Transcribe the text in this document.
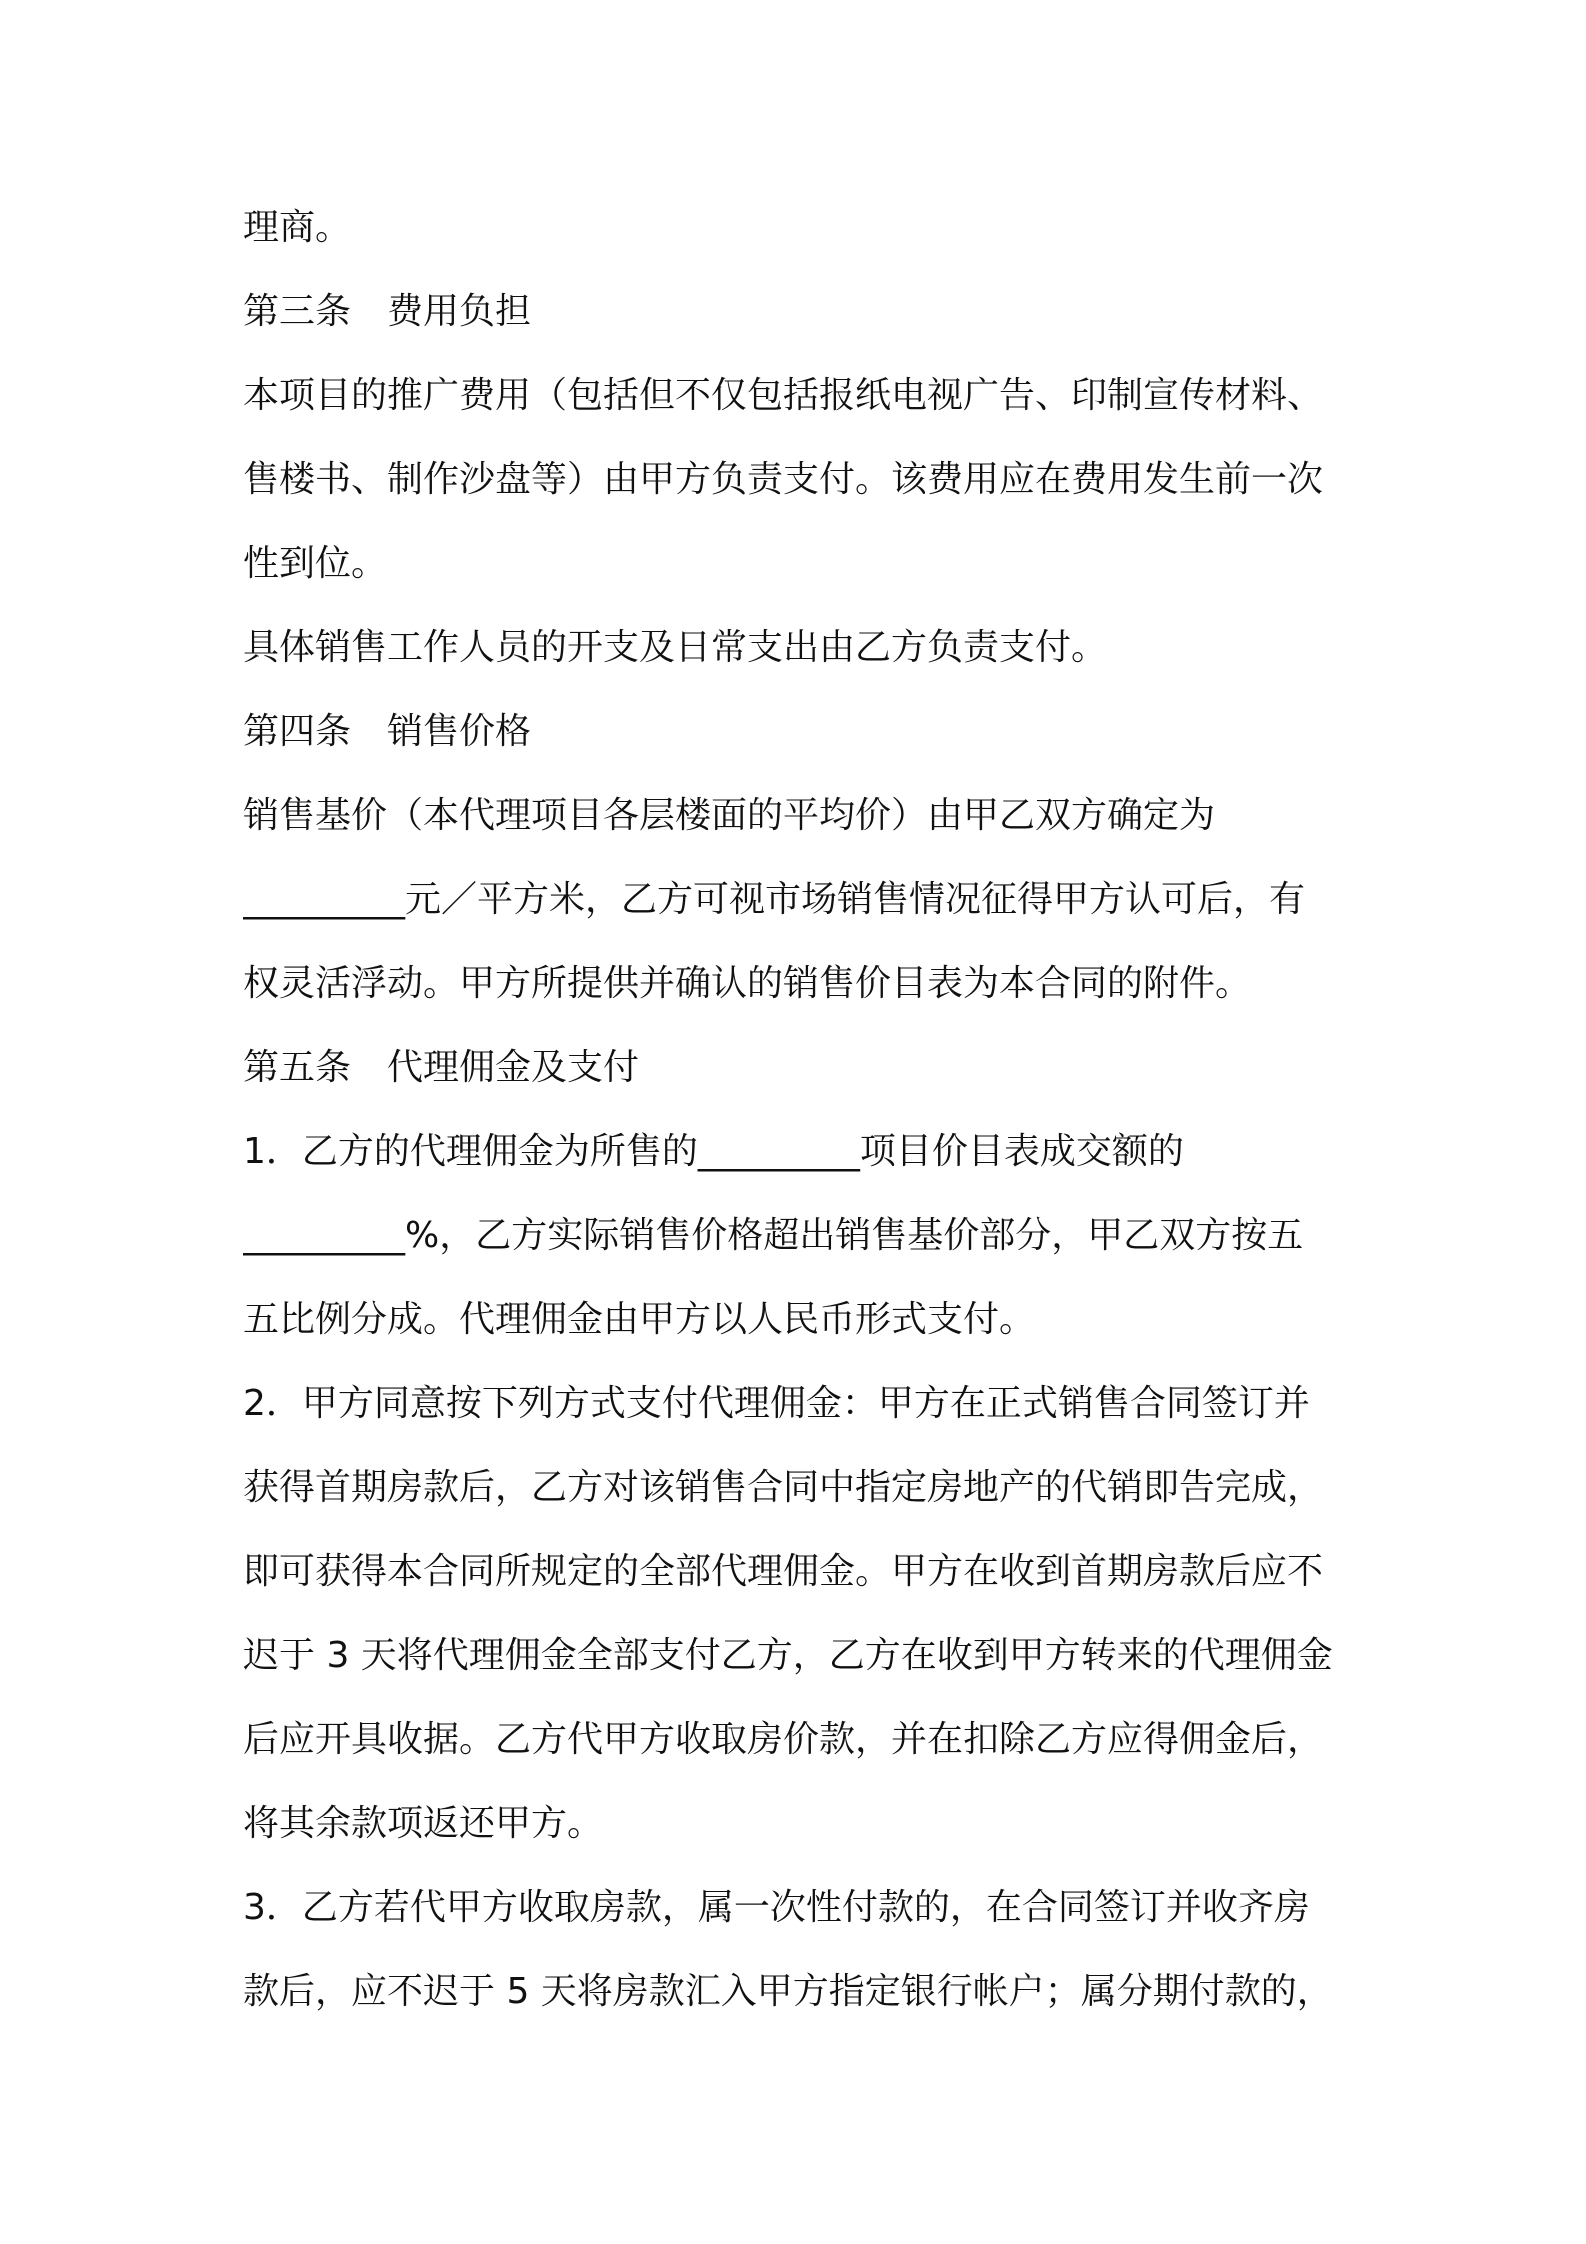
理商。
第三条　费用负担
本项目的推广费用（包括但不仅包括报纸电视广告、印制宣传材料、
售楼书、制作沙盘等）由甲方负责支付。该费用应在费用发生前一次
性到位。
具体销售工作人员的开支及日常支出由乙方负责支付。
第四条　销售价格
销售基价（本代理项目各层楼面的平均价）由甲乙双方确定为
_________元／平方米，乙方可视市场销售情况征得甲方认可后，有
权灵活浮动。甲方所提供并确认的销售价目表为本合同的附件。
第五条　代理佣金及支付
1．乙方的代理佣金为所售的_________项目价目表成交额的
_________%，乙方实际销售价格超出销售基价部分，甲乙双方按五
五比例分成。代理佣金由甲方以人民币形式支付。
2．甲方同意按下列方式支付代理佣金：甲方在正式销售合同签订并
获得首期房款后，乙方对该销售合同中指定房地产的代销即告完成，
即可获得本合同所规定的全部代理佣金。甲方在收到首期房款后应不
迟于 3 天将代理佣金全部支付乙方，乙方在收到甲方转来的代理佣金
后应开具收据。乙方代甲方收取房价款，并在扣除乙方应得佣金后，
将其余款项返还甲方。
3．乙方若代甲方收取房款，属一次性付款的，在合同签订并收齐房
款后，应不迟于 5 天将房款汇入甲方指定银行帐户；属分期付款的，
